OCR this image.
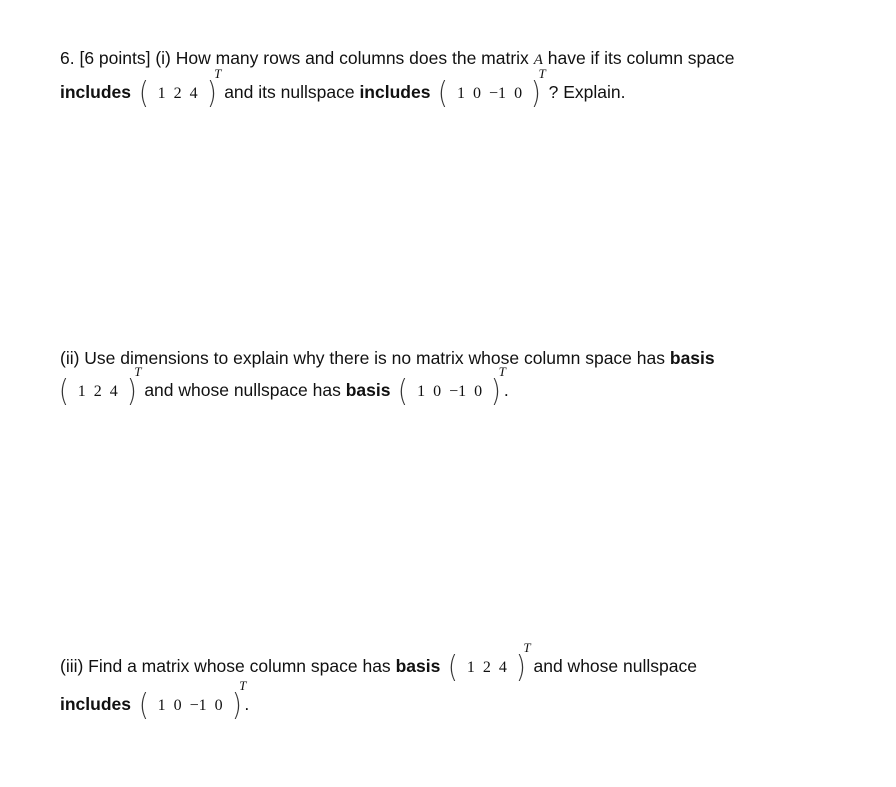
6. [6 points] (i) How many rows and columns does the matrix A have if its column space
includes ( 1 2 4 )
T
and its nullspace includes ( 1 0 −1 0 )
T
? Explain.
(ii) Use dimensions to explain why there is no matrix whose column space has basis
( 1 2 4 )
T
and whose nullspace has basis ( 1 0 −1 0 )
T
.
(iii) Find a matrix whose column space has basis ( 1 2 4 )
T
and whose nullspace
includes ( 1 0 −1 0 )
T
.
